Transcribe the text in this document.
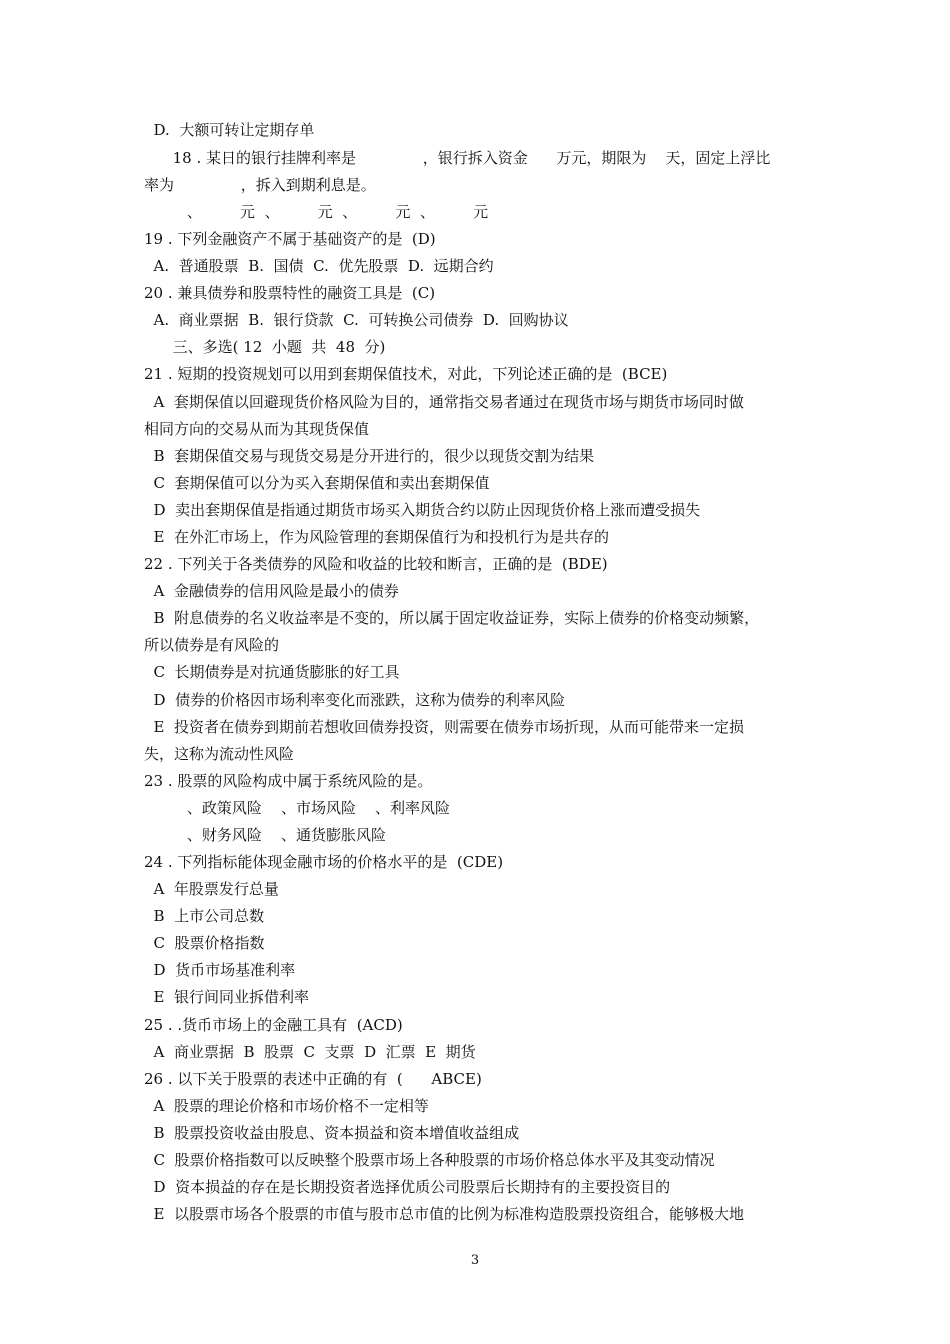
D.  大额可转让定期存单
18 . 某日的银行挂牌利率是              ，银行拆入资金      万元，期限为    天，固定上浮比
率为              ，拆入到期利息是。
、        元  、        元  、        元  、        元
19 . 下列金融资产不属于基础资产的是  (D)
A.  普通股票  B.  国债  C.  优先股票  D.  远期合约
20 . 兼具债券和股票特性的融资工具是  (C)
A.  商业票据  B.  银行贷款  C.  可转换公司债券  D.  回购协议
三、多选( 12  小题  共  48  分)
21 . 短期的投资规划可以用到套期保值技术，对此，下列论述正确的是  (BCE)
A  套期保值以回避现货价格风险为目的，通常指交易者通过在现货市场与期货市场同时做
相同方向的交易从而为其现货保值
B  套期保值交易与现货交易是分开进行的，很少以现货交割为结果
C  套期保值可以分为买入套期保值和卖出套期保值
D  卖出套期保值是指通过期货市场买入期货合约以防止因现货价格上涨而遭受损失
E  在外汇市场上，作为风险管理的套期保值行为和投机行为是共存的
22 . 下列关于各类债券的风险和收益的比较和断言，正确的是  (BDE)
A  金融债券的信用风险是最小的债券
B  附息债券的名义收益率是不变的，所以属于固定收益证券，实际上债券的价格变动频繁，
所以债券是有风险的
C  长期债券是对抗通货膨胀的好工具
D  债券的价格因市场利率变化而涨跌，这称为债券的利率风险
E  投资者在债券到期前若想收回债券投资，则需要在债券市场折现，从而可能带来一定损
失，这称为流动性风险
23 . 股票的风险构成中属于系统风险的是。
、政策风险    、市场风险    、利率风险
、财务风险    、通货膨胀风险
24 . 下列指标能体现金融市场的价格水平的是  (CDE)
A  年股票发行总量
B  上市公司总数
C  股票价格指数
D  货币市场基准利率
E  银行间同业拆借利率
25 . .货币市场上的金融工具有  (ACD)
A  商业票据  B  股票  C  支票  D  汇票  E  期货
26 . 以下关于股票的表述中正确的有  (      ABCE)
A  股票的理论价格和市场价格不一定相等
B  股票投资收益由股息、资本损益和资本增值收益组成
C  股票价格指数可以反映整个股票市场上各种股票的市场价格总体水平及其变动情况
D  资本损益的存在是长期投资者选择优质公司股票后长期持有的主要投资目的
E  以股票市场各个股票的市值与股市总市值的比例为标准构造股票投资组合，能够极大地
3
